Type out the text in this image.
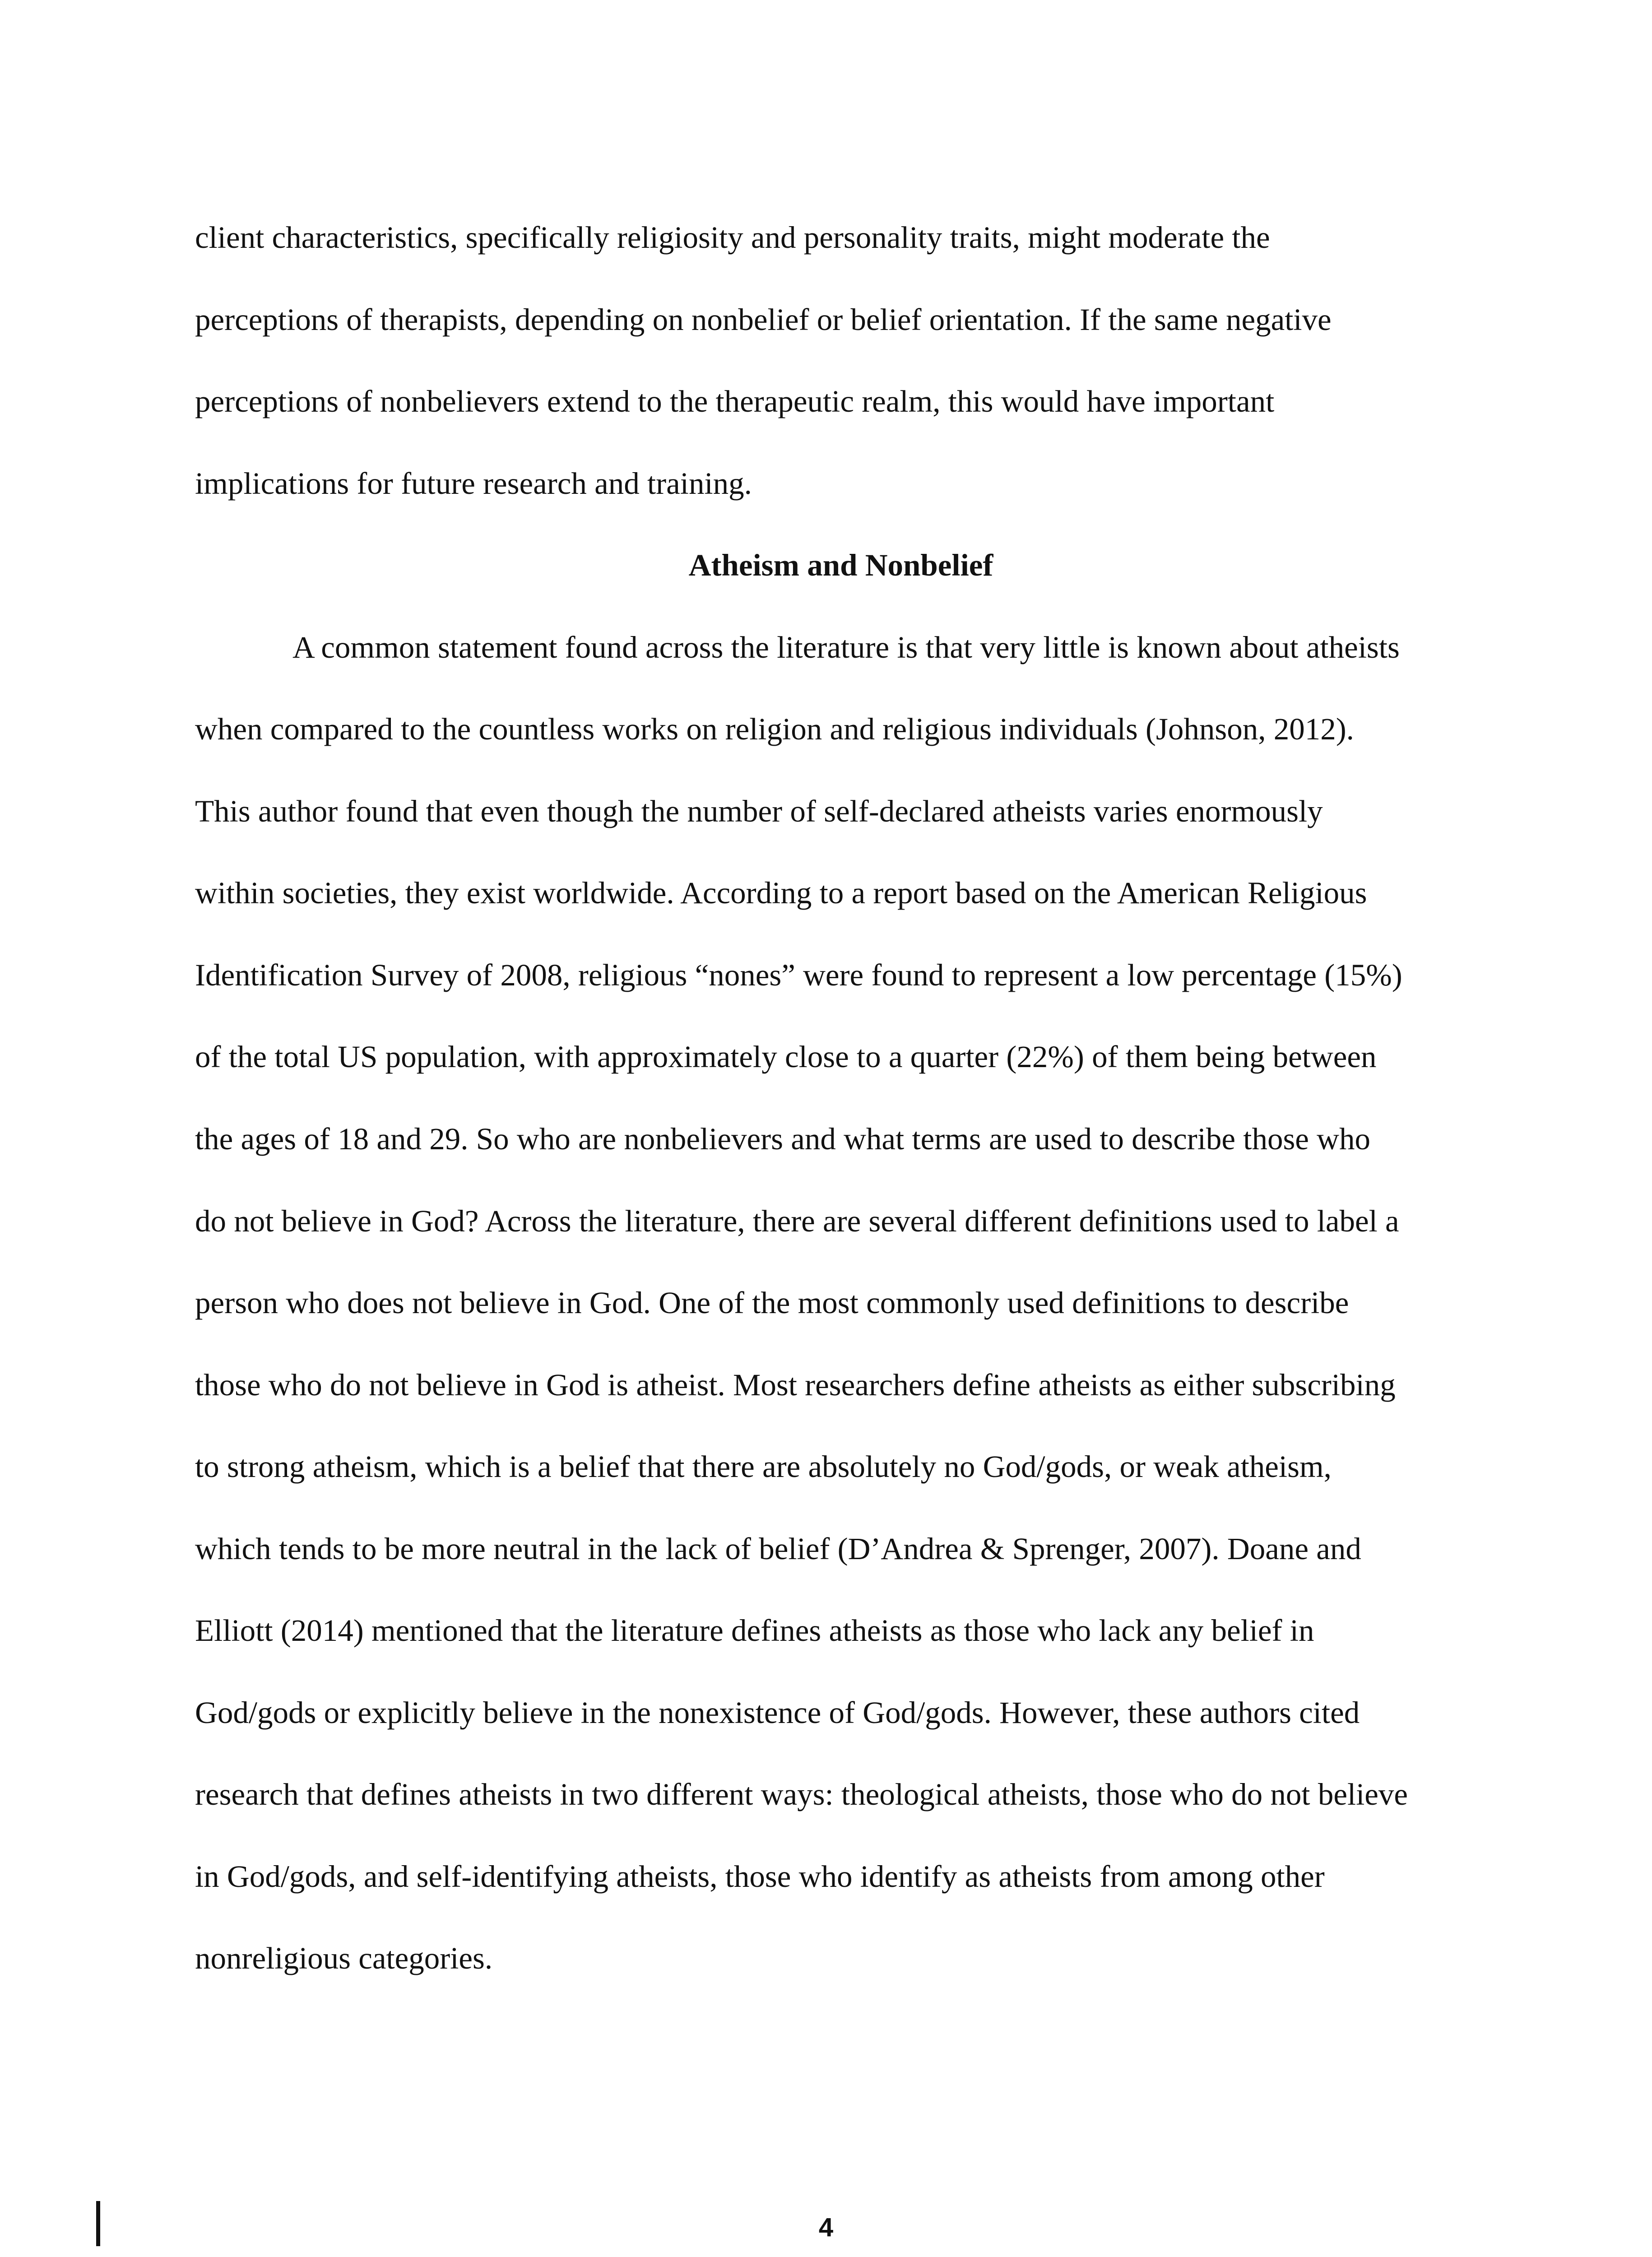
client characteristics, specifically religiosity and personality traits, might moderate the
perceptions of therapists, depending on nonbelief or belief orientation. If the same negative
perceptions of nonbelievers extend to the therapeutic realm, this would have important
implications for future research and training.
Atheism and Nonbelief
A common statement found across the literature is that very little is known about atheists
when compared to the countless works on religion and religious individuals (Johnson, 2012).
This author found that even though the number of self-declared atheists varies enormously
within societies, they exist worldwide. According to a report based on the American Religious
Identification Survey of 2008, religious “nones” were found to represent a low percentage (15%)
of the total US population, with approximately close to a quarter (22%) of them being between
the ages of 18 and 29. So who are nonbelievers and what terms are used to describe those who
do not believe in God? Across the literature, there are several different definitions used to label a
person who does not believe in God. One of the most commonly used definitions to describe
those who do not believe in God is atheist. Most researchers define atheists as either subscribing
to strong atheism, which is a belief that there are absolutely no God/gods, or weak atheism,
which tends to be more neutral in the lack of belief (D’Andrea & Sprenger, 2007). Doane and
Elliott (2014) mentioned that the literature defines atheists as those who lack any belief in
God/gods or explicitly believe in the nonexistence of God/gods. However, these authors cited
research that defines atheists in two different ways: theological atheists, those who do not believe
in God/gods, and self-identifying atheists, those who identify as atheists from among other
nonreligious categories.
4
